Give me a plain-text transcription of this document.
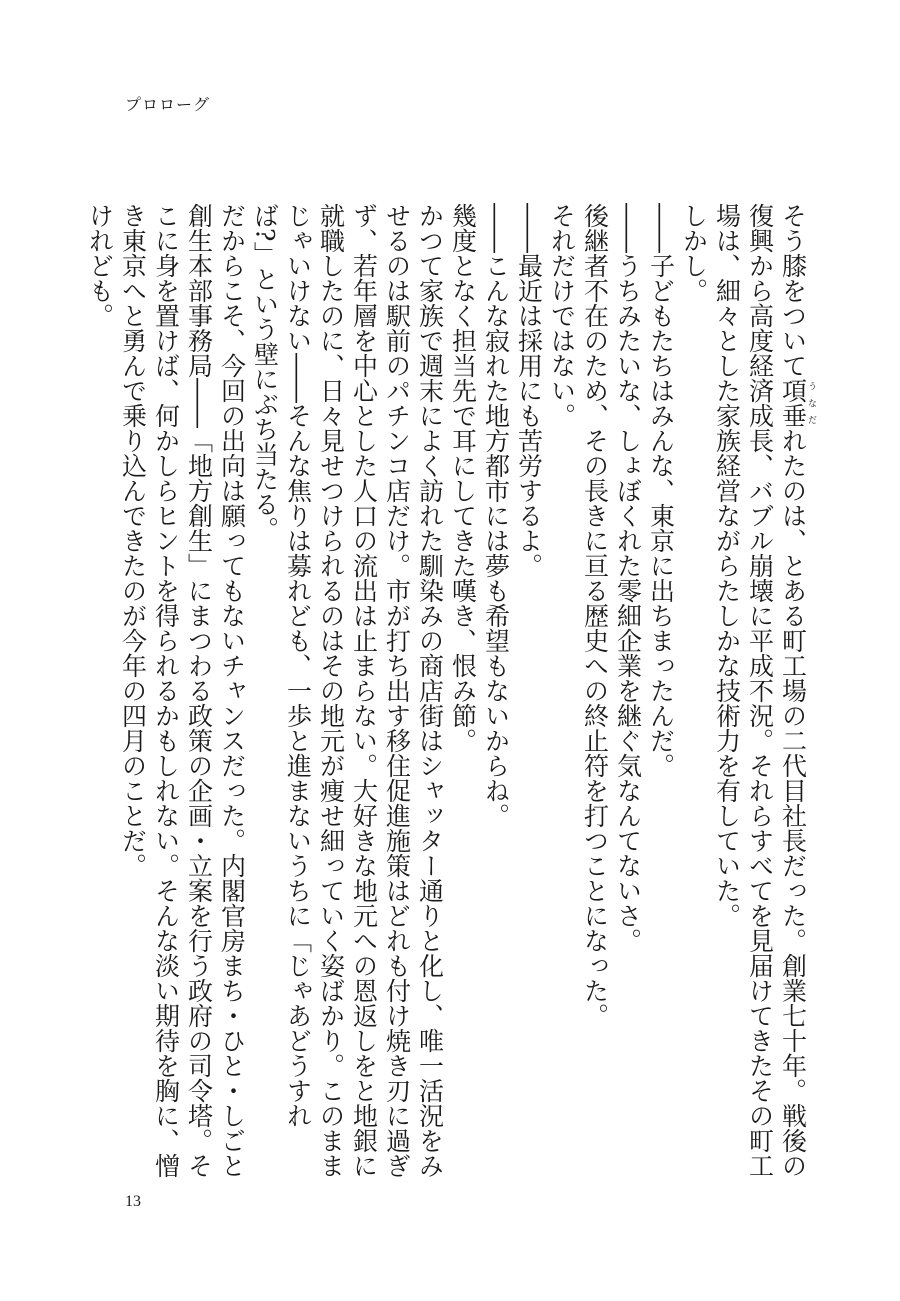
プロローグ

そう膝をついて項垂うなだれたのは、とある町工場の二代目社長だった。創業七十年。戦後の復興から高度経済成長、バブル崩壊に平成不況。それらすべてを見届けてきたその町工場は、細々とした家族経営ながらたしかな技術力を有していた。

しかし。

――子どもたちはみんな、東京に出ちまったんだ。

――うちみたいな、しょぼくれた零細企業を継ぐ気なんてないさ。

後継者不在のため、その長きに亘る歴史への終止符を打つことになった。

それだけではない。

――最近は採用にも苦労するよ。

――こんな寂れた地方都市には夢も希望もないからね。

幾度となく担当先で耳にしてきた嘆き、恨み節。

かつて家族で週末によく訪れた馴染みの商店街はシャッター通りと化し、唯一活況をみせるのは駅前のパチンコ店だけ。市が打ち出す移住促進施策はどれも付け焼き刃に過ぎず、若年層を中心とした人口の流出は止まらない。大好きな地元への恩返しをと地銀に就職したのに、日々見せつけられるのはその地元が痩せ細っていく姿ばかり。このままじゃいけない――そんな焦りは募れども、一歩と進まないうちに「じゃあどうすれば?」という壁にぶち当たる。

だからこそ、今回の出向は願ってもないチャンスだった。内閣官房まち・ひと・しごと創生本部事務局――「地方創生」にまつわる政策の企画・立案を行う政府の司令塔。そこに身を置けば、何かしらヒントを得られるかもしれない。そんな淡い期待を胸に、憎き東京へと勇んで乗り込んできたのが今年の四月のことだ。

けれども。

13
